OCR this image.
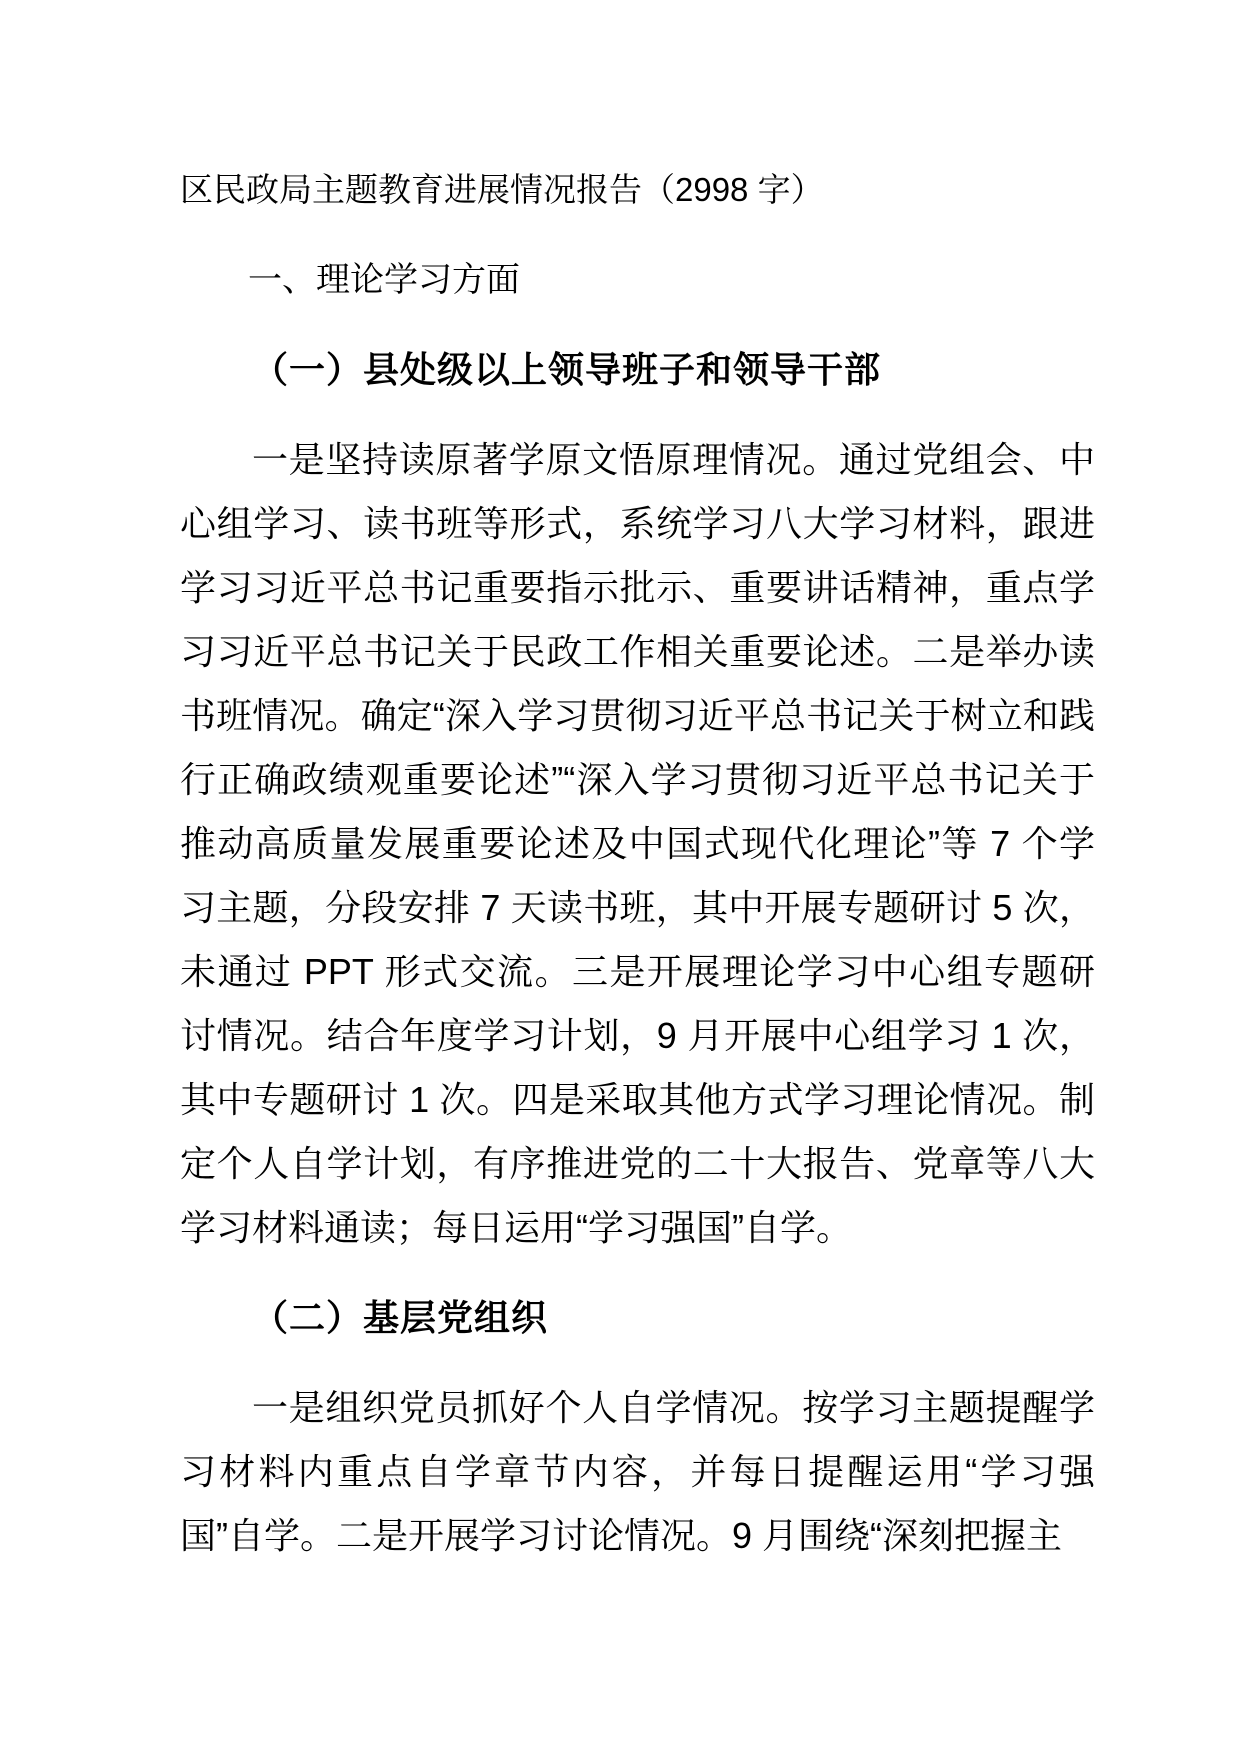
区民政局主题教育进展情况报告（2998 字）

一、理论学习方面

（一）县处级以上领导班子和领导干部

一是坚持读原著学原文悟原理情况。通过党组会、中心组学习、读书班等形式，系统学习八大学习材料，跟进学习习近平总书记重要指示批示、重要讲话精神，重点学习习近平总书记关于民政工作相关重要论述。二是举办读书班情况。确定“深入学习贯彻习近平总书记关于树立和践行正确政绩观重要论述”“深入学习贯彻习近平总书记关于推动高质量发展重要论述及中国式现代化理论”等 7 个学习主题，分段安排 7 天读书班，其中开展专题研讨 5 次，未通过 PPT 形式交流。三是开展理论学习中心组专题研讨情况。结合年度学习计划，9 月开展中心组学习 1 次，其中专题研讨 1 次。四是采取其他方式学习理论情况。制定个人自学计划，有序推进党的二十大报告、党章等八大学习材料通读；每日运用“学习强国”自学。

（二）基层党组织

一是组织党员抓好个人自学情况。按学习主题提醒学习材料内重点自学章节内容，并每日提醒运用“学习强国”自学。二是开展学习讨论情况。9 月围绕“深刻把握主
